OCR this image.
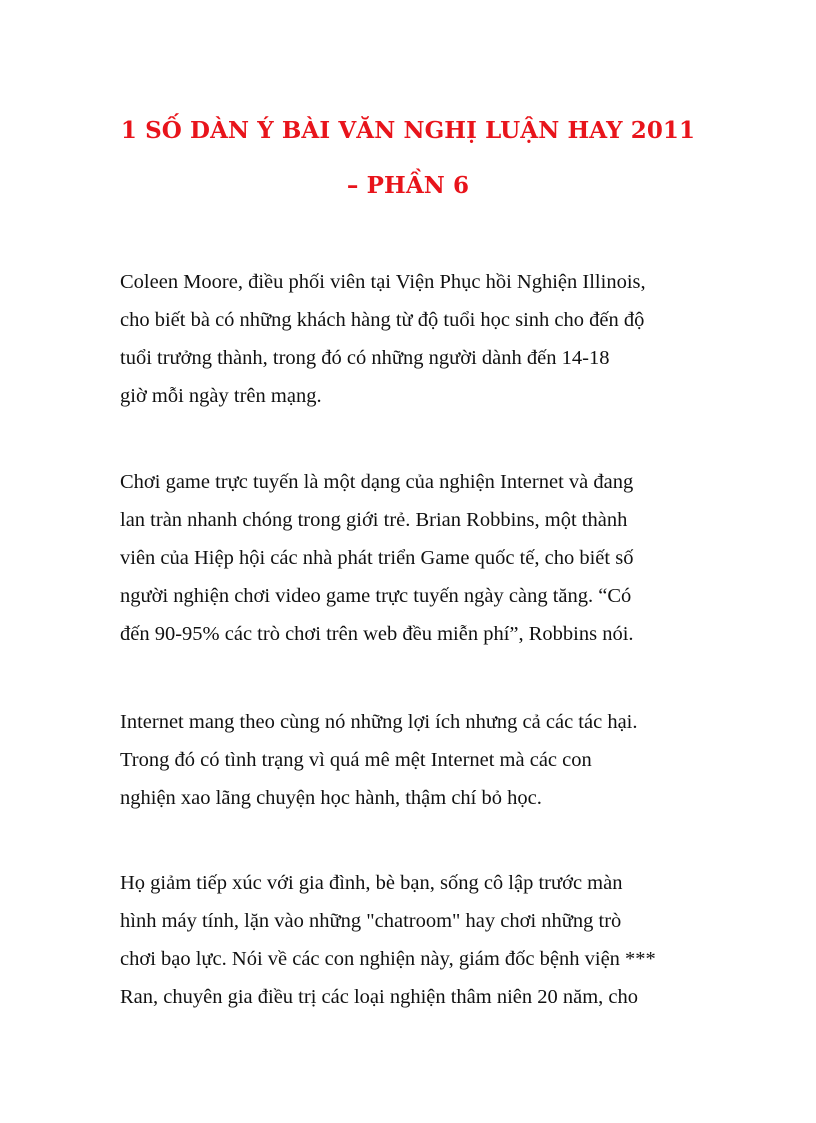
1 SỐ DÀN Ý BÀI VĂN NGHỊ LUẬN HAY 2011
– PHẦN 6

Coleen Moore, điều phối viên tại Viện Phục hồi Nghiện Illinois,
cho biết bà có những khách hàng từ độ tuổi học sinh cho đến độ
tuổi trưởng thành, trong đó có những người dành đến 14-18
giờ mỗi ngày trên mạng.

Chơi game trực tuyến là một dạng của nghiện Internet và đang
lan tràn nhanh chóng trong giới trẻ. Brian Robbins, một thành
viên của Hiệp hội các nhà phát triển Game quốc tế, cho biết số
người nghiện chơi video game trực tuyến ngày càng tăng. “Có
đến 90-95% các trò chơi trên web đều miễn phí”, Robbins nói.

Internet mang theo cùng nó những lợi ích nhưng cả các tác hại.
Trong đó có tình trạng vì quá mê mệt Internet mà các con
nghiện xao lãng chuyện học hành, thậm chí bỏ học.

Họ giảm tiếp xúc với gia đình, bè bạn, sống cô lập trước màn
hình máy tính, lặn vào những "chatroom" hay chơi những trò
chơi bạo lực. Nói về các con nghiện này, giám đốc bệnh viện ***
Ran, chuyên gia điều trị các loại nghiện thâm niên 20 năm, cho
